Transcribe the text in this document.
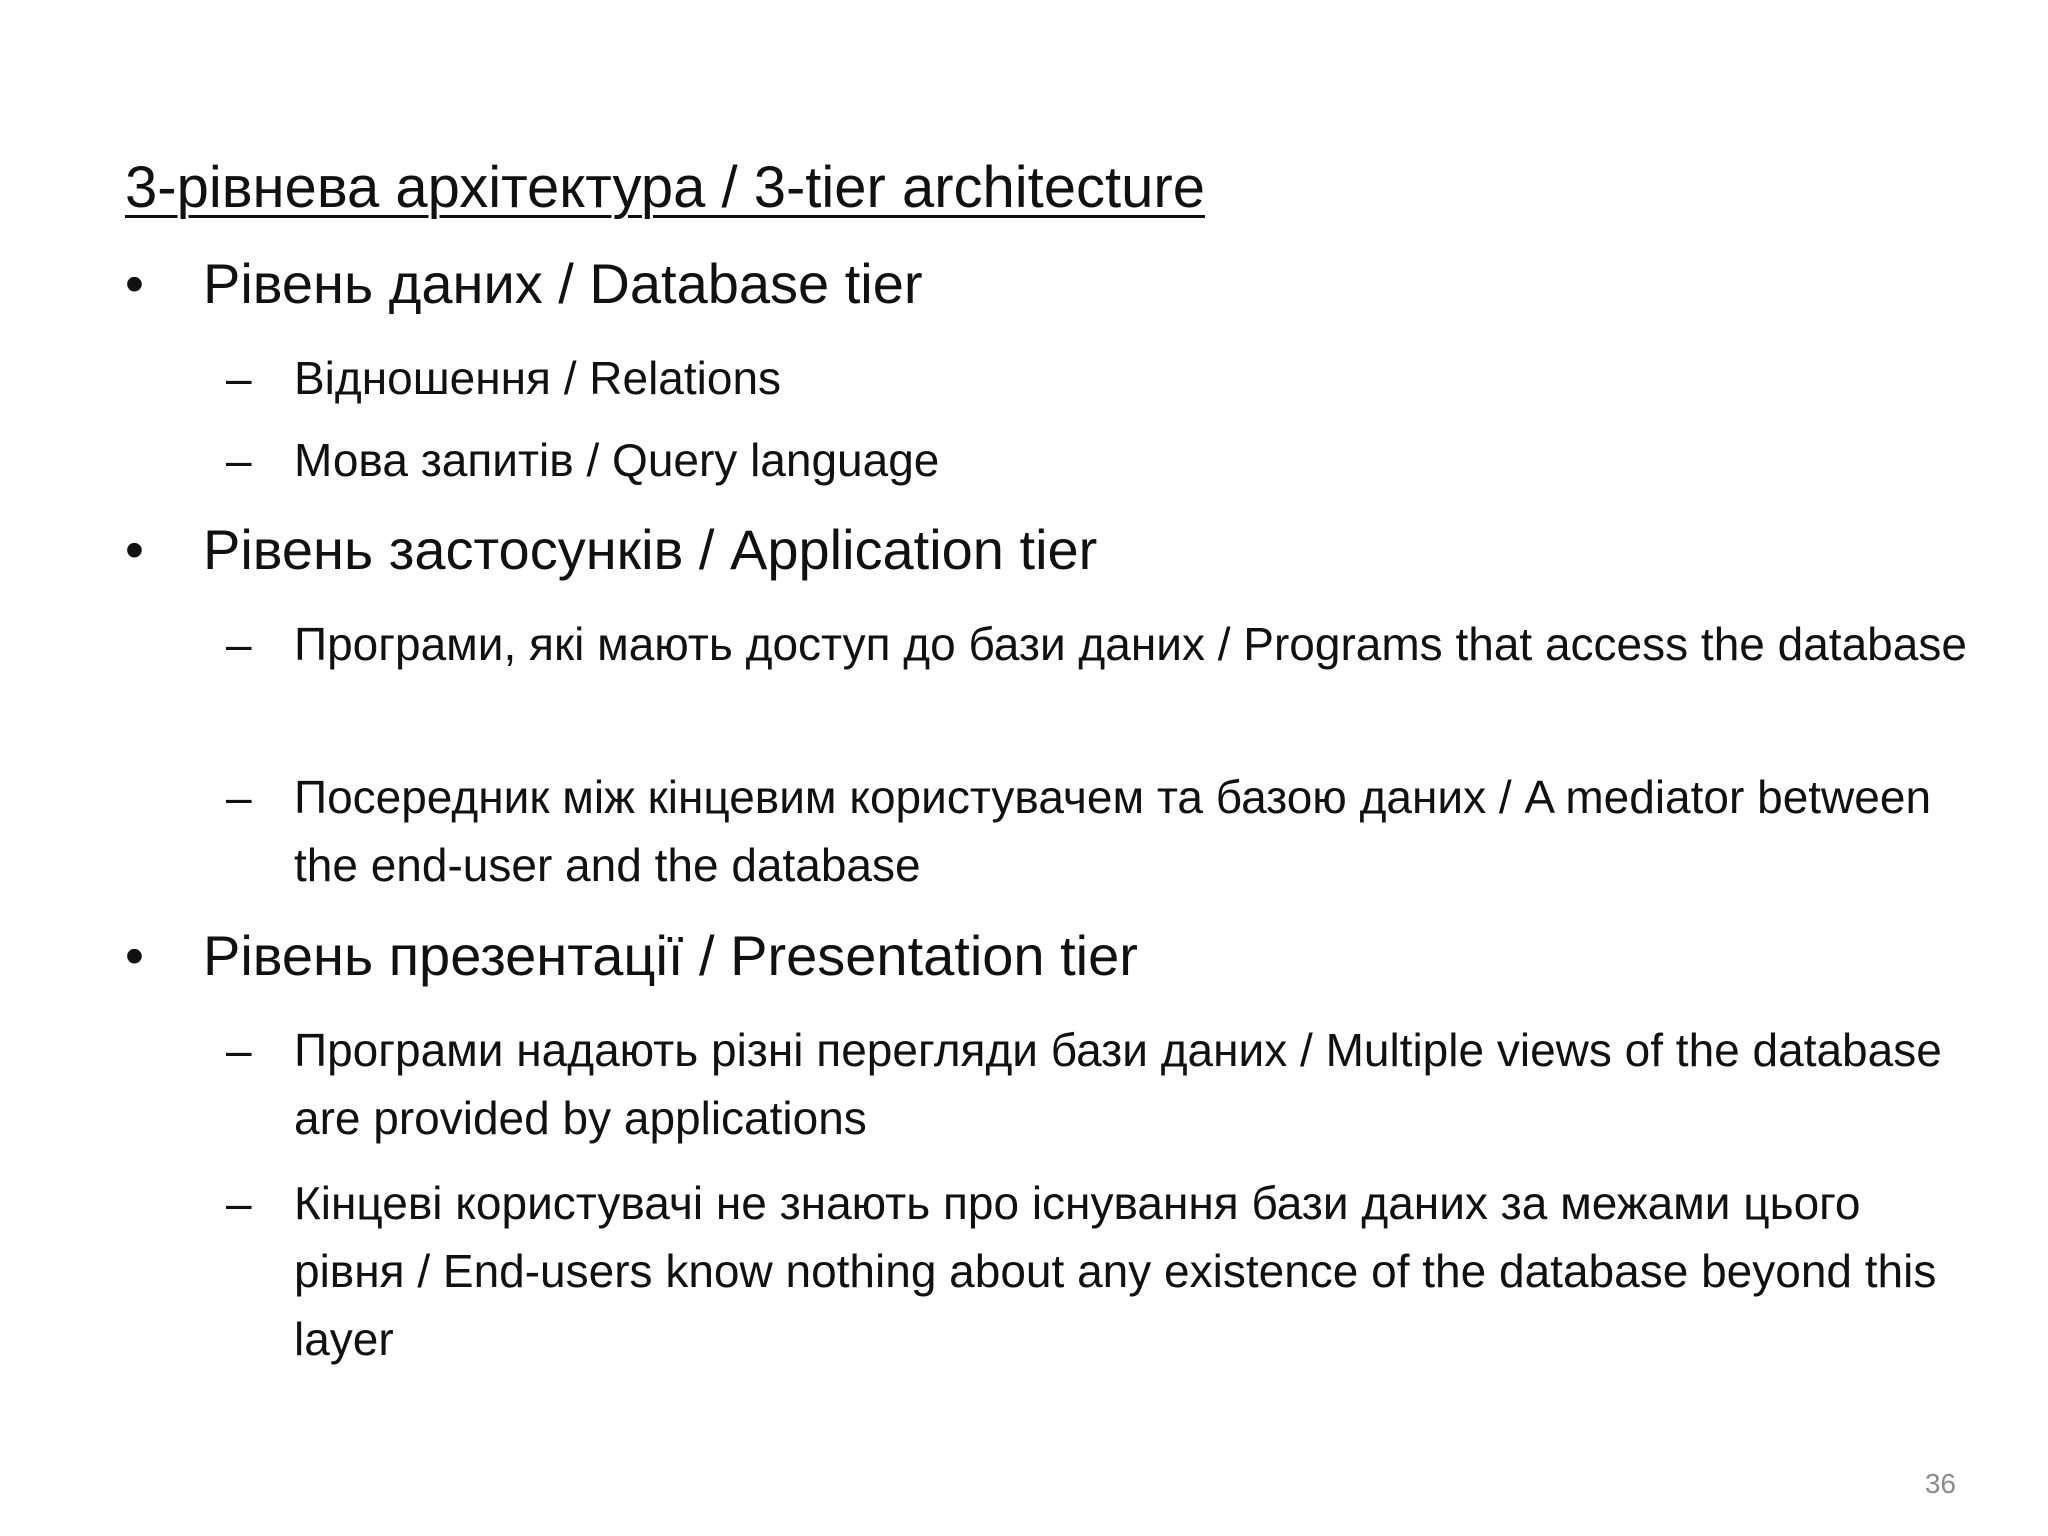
3-рівнева архітектура / 3-tier architecture
• Рівень даних / Database tier
– Відношення / Relations
– Мова запитів / Query language
• Рівень застосунків / Application tier
– Програми, які мають доступ до бази даних / Programs that access the database
– Посередник між кінцевим користувачем та базою даних / A mediator between the end-user and the database
• Рівень презентації / Presentation tier
– Програми надають різні перегляди бази даних / Multiple views of the database are provided by applications
– Кінцеві користувачі не знають про існування бази даних за межами цього рівня / End-users know nothing about any existence of the database beyond this layer
36
